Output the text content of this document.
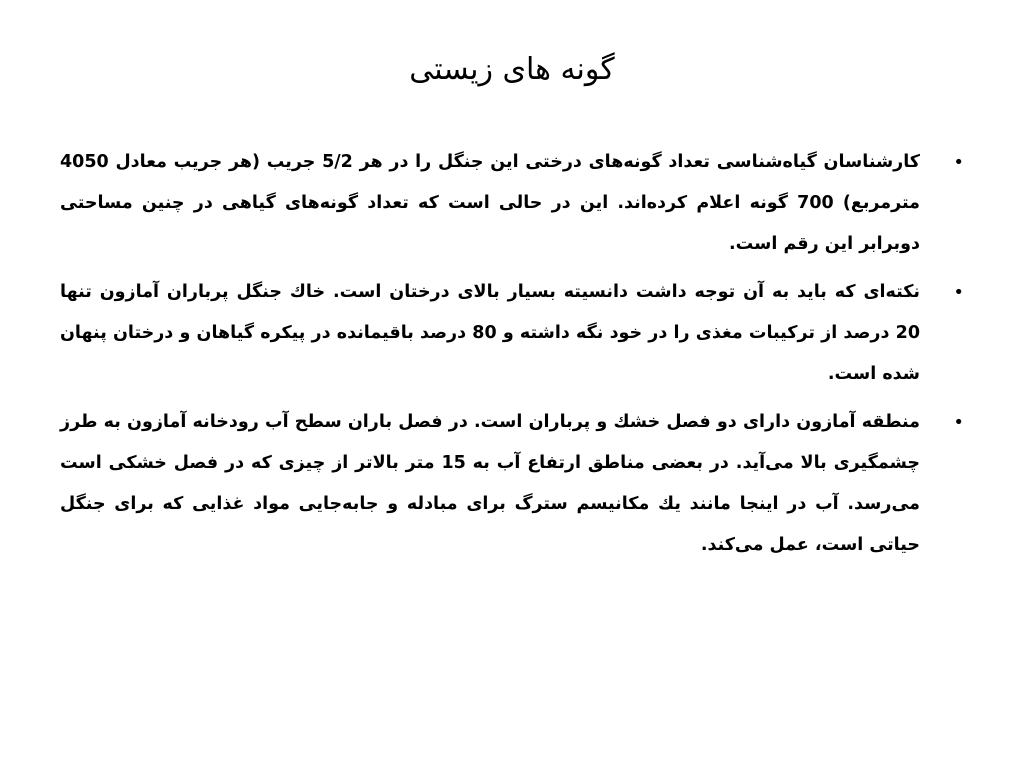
گونه های زیستی
•
کارشناسان گیاه‌شناسی تعداد گونه‌های درختی این جنگل را در هر 5/2 جریب (هر جریب معادل 4050 مترمربع) 700 گونه اعلام کرده‌اند. این در حالی است که تعداد گونه‌های گیاهی در چنین مساحتی دوبرابر این رقم است.
•
نکته‌ای که باید به آن توجه داشت دانسیته بسیار بالای درختان است. خاك جنگل پرباران آمازون تنها 20 درصد از ترکیبات مغذی را در خود نگه داشته و 80 درصد باقیمانده در پیکره گیاهان و درختان پنهان شده است.
•
منطقه آمازون دارای دو فصل خشك و پرباران است. در فصل باران سطح آب رودخانه آمازون به طرز چشمگیری بالا می‌آید. در بعضی مناطق ارتفاع آب به 15 متر بالاتر از چیزی که در فصل خشکی است می‌رسد. آب در اینجا مانند یك مکانیسم سترگ برای مبادله و جابه‌جایی مواد غذایی که برای جنگل حیاتی است، عمل می‌کند.
